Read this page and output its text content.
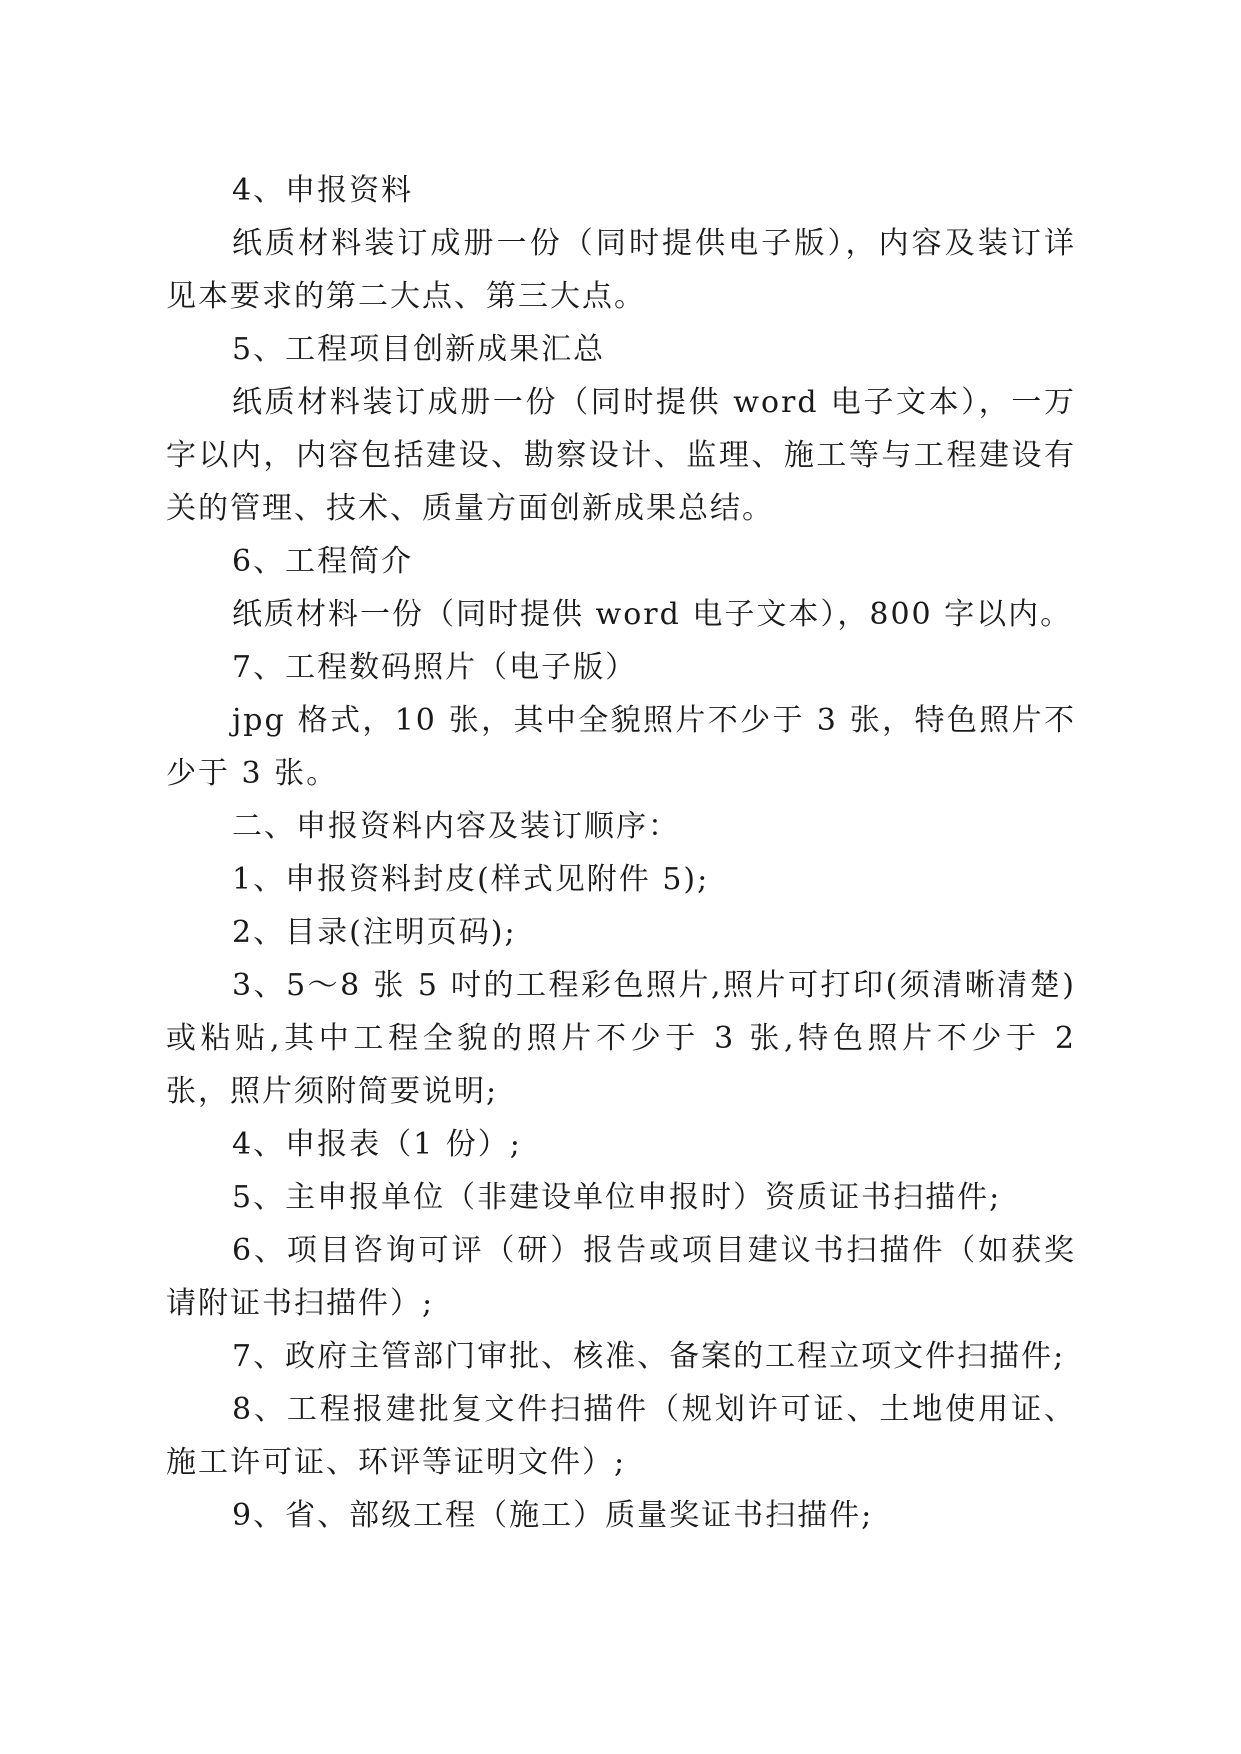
4、申报资料

纸质材料装订成册一份（同时提供电子版），内容及装订详见本要求的第二大点、第三大点。

5、工程项目创新成果汇总

纸质材料装订成册一份（同时提供 word 电子文本），一万字以内，内容包括建设、勘察设计、监理、施工等与工程建设有关的管理、技术、质量方面创新成果总结。

6、工程简介

纸质材料一份（同时提供 word 电子文本），800 字以内。

7、工程数码照片（电子版）

jpg 格式，10 张，其中全貌照片不少于 3 张，特色照片不少于 3 张。

二、申报资料内容及装订顺序：

1、申报资料封皮(样式见附件 5);

2、目录(注明页码);

3、5～8 张 5 吋的工程彩色照片,照片可打印(须清晰清楚)或粘贴,其中工程全貌的照片不少于 3 张,特色照片不少于 2 张，照片须附简要说明;

4、申报表（1 份）;

5、主申报单位（非建设单位申报时）资质证书扫描件;

6、项目咨询可评（研）报告或项目建议书扫描件（如获奖请附证书扫描件）;

7、政府主管部门审批、核准、备案的工程立项文件扫描件;

8、工程报建批复文件扫描件（规划许可证、土地使用证、施工许可证、环评等证明文件）;

9、省、部级工程（施工）质量奖证书扫描件;
